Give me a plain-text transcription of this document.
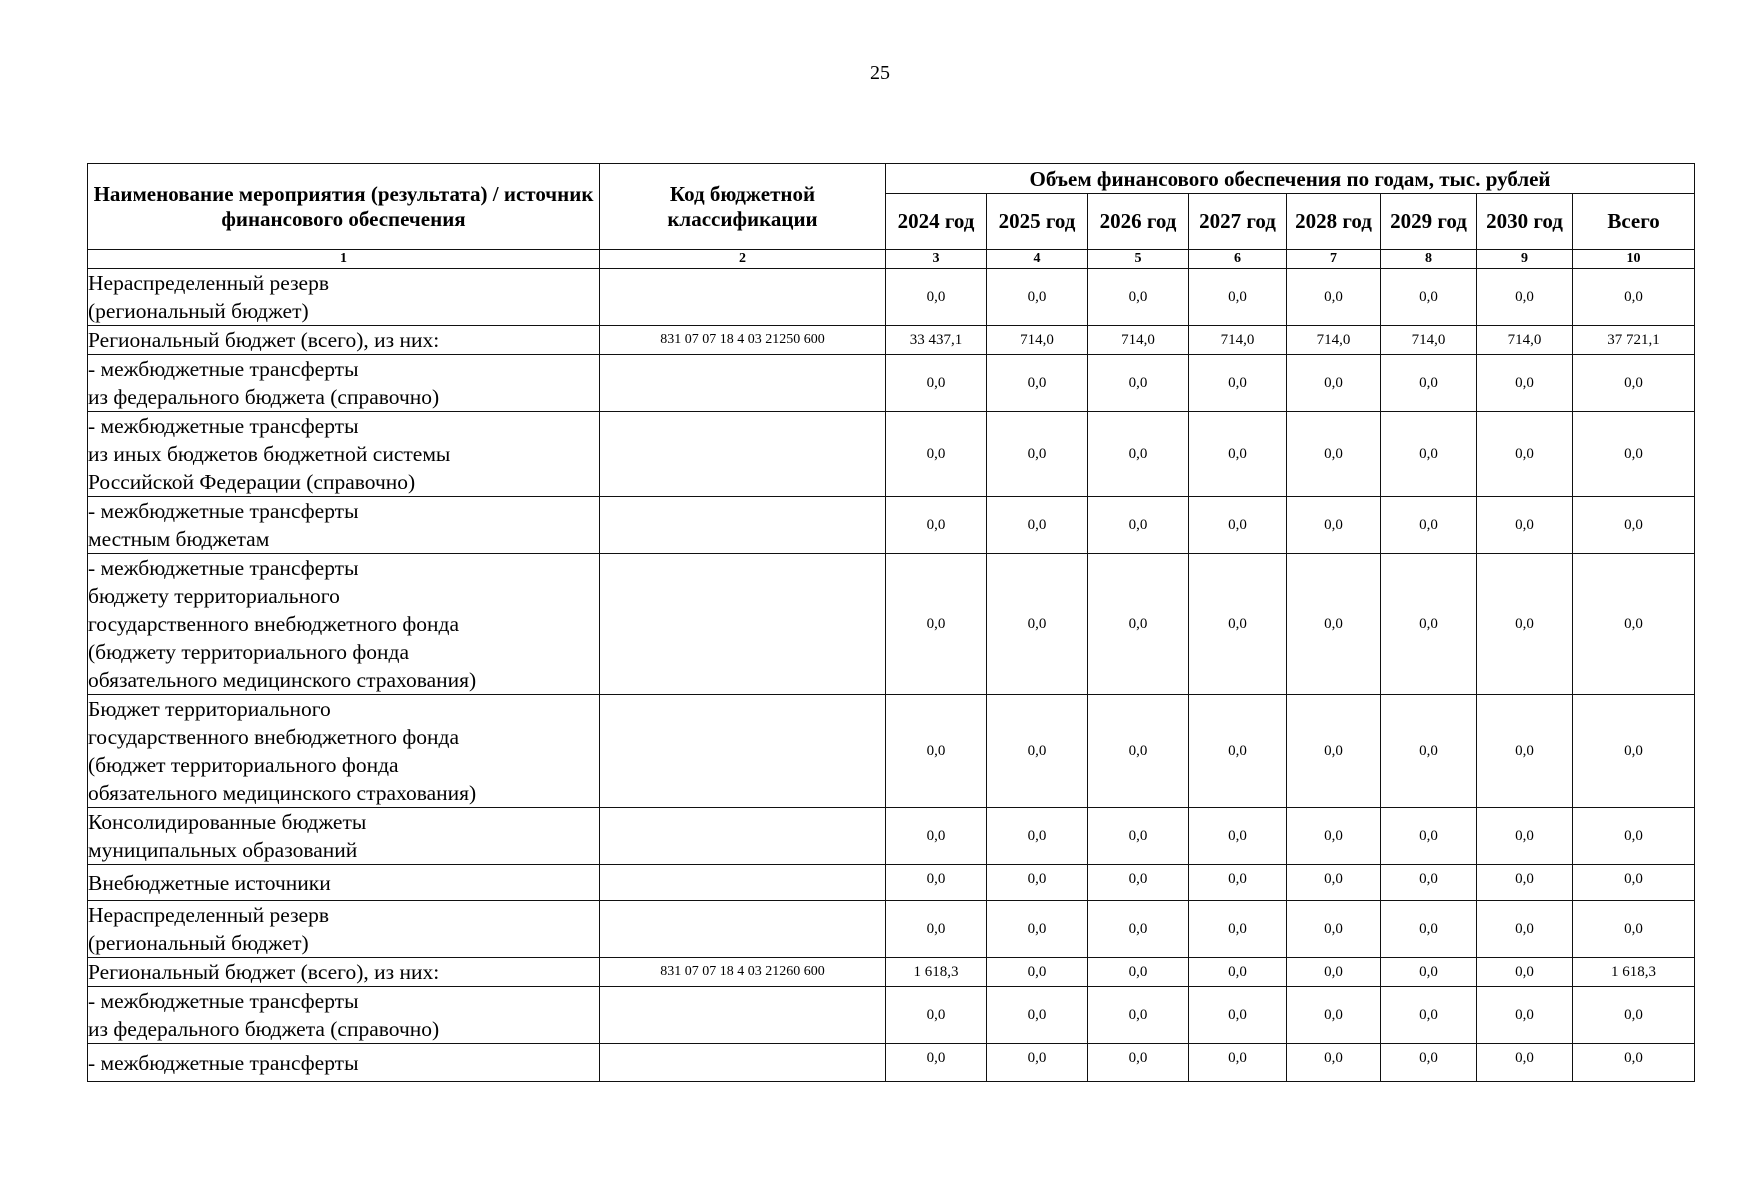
25
Наименование мероприятия (результата) / источник финансового обеспечения	Код бюджетной классификации	Объем финансового обеспечения по годам, тыс. рублей							
		2024 год	2025 год	2026 год	2027 год	2028 год	2029 год	2030 год	Всего
1	2	3	4	5	6	7	8	9	10
Нераспределенный резерв
(региональный бюджет)		0,0	0,0	0,0	0,0	0,0	0,0	0,0	0,0
Региональный бюджет (всего), из них:	831 07 07 18 4 03 21250 600	33 437,1	714,0	714,0	714,0	714,0	714,0	714,0	37 721,1
- межбюджетные трансферты
из федерального бюджета (справочно)		0,0	0,0	0,0	0,0	0,0	0,0	0,0	0,0
- межбюджетные трансферты
из иных бюджетов бюджетной системы
Российской Федерации (справочно)		0,0	0,0	0,0	0,0	0,0	0,0	0,0	0,0
- межбюджетные трансферты
местным бюджетам		0,0	0,0	0,0	0,0	0,0	0,0	0,0	0,0
- межбюджетные трансферты
бюджету территориального
государственного внебюджетного фонда
(бюджету территориального фонда
обязательного медицинского страхования)		0,0	0,0	0,0	0,0	0,0	0,0	0,0	0,0
Бюджет территориального
государственного внебюджетного фонда
(бюджет территориального фонда
обязательного медицинского страхования)		0,0	0,0	0,0	0,0	0,0	0,0	0,0	0,0
Консолидированные бюджеты
муниципальных образований		0,0	0,0	0,0	0,0	0,0	0,0	0,0	0,0
Внебюджетные источники		0,0	0,0	0,0	0,0	0,0	0,0	0,0	0,0
Нераспределенный резерв
(региональный бюджет)		0,0	0,0	0,0	0,0	0,0	0,0	0,0	0,0
Региональный бюджет (всего), из них:	831 07 07 18 4 03 21260 600	1 618,3	0,0	0,0	0,0	0,0	0,0	0,0	1 618,3
- межбюджетные трансферты
из федерального бюджета (справочно)		0,0	0,0	0,0	0,0	0,0	0,0	0,0	0,0
- межбюджетные трансферты		0,0	0,0	0,0	0,0	0,0	0,0	0,0	0,0
